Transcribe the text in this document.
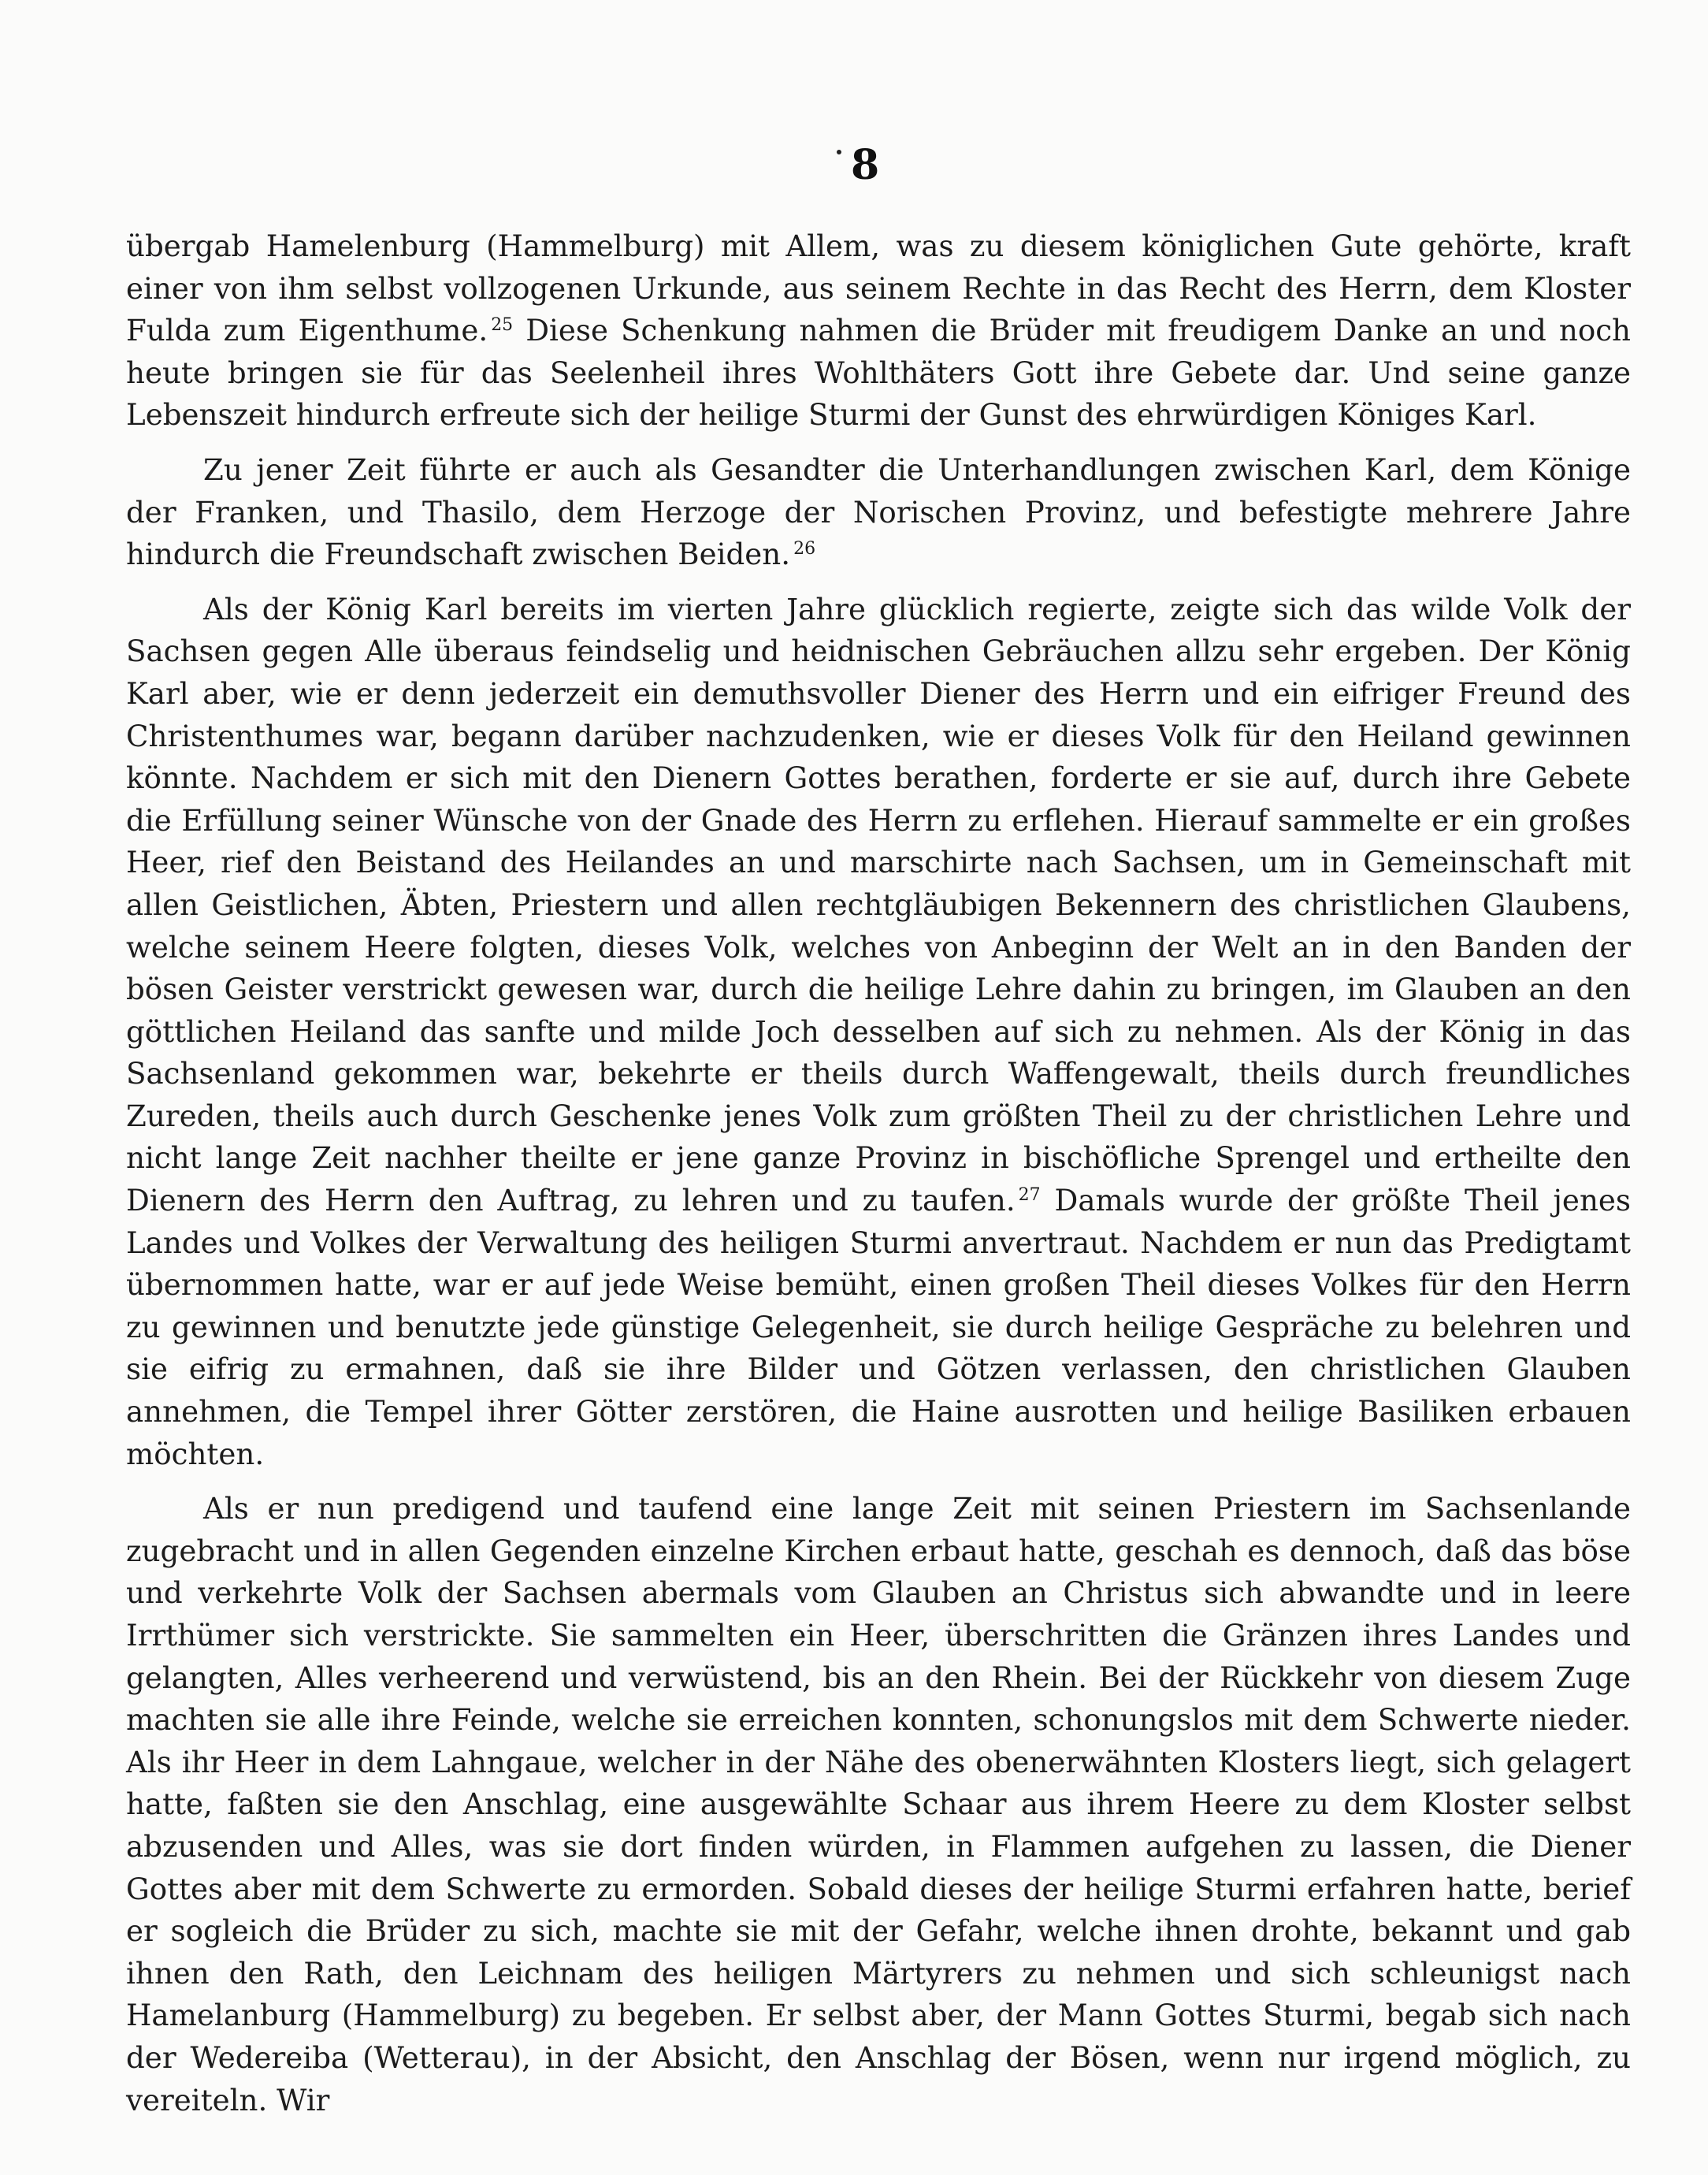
8

übergab Hamelenburg (Hammelburg) mit Allem, was zu diesem königlichen Gute gehörte, kraft einer von ihm selbst vollzogenen Urkunde, aus seinem Rechte in das Recht des Herrn, dem Kloster Fulda zum Eigenthume. $^{25}$ Diese Schenkung nahmen die Brüder mit freudigem Danke an und noch heute bringen sie für das Seelenheil ihres Wohlthäters Gott ihre Gebete dar. Und seine ganze Lebenszeit hindurch erfreute sich der heilige Sturmi der Gunst des ehrwürdigen Königes Karl.

Zu jener Zeit führte er auch als Gesandter die Unterhandlungen zwischen Karl, dem Könige der Franken, und Thasilo, dem Herzoge der Norischen Provinz, und befestigte mehrere Jahre hindurch die Freundschaft zwischen Beiden. $^{26}$

Als der König Karl bereits im vierten Jahre glücklich regierte, zeigte sich das wilde Volk der Sachsen gegen Alle überaus feindselig und heidnischen Gebräuchen allzu sehr ergeben. Der König Karl aber, wie er denn jederzeit ein demuthsvoller Diener des Herrn und ein eifriger Freund des Christenthumes war, begann darüber nachzudenken, wie er dieses Volk für den Heiland gewinnen könnte. Nachdem er sich mit den Dienern Gottes berathen, forderte er sie auf, durch ihre Gebete die Erfüllung seiner Wünsche von der Gnade des Herrn zu erflehen. Hierauf sammelte er ein großes Heer, rief den Beistand des Heilandes an und marschirte nach Sachsen, um in Gemeinschaft mit allen Geistlichen, Äbten, Priestern und allen rechtgläubigen Bekennern des christlichen Glaubens, welche seinem Heere folgten, dieses Volk, welches von Anbeginn der Welt an in den Banden der bösen Geister verstrickt gewesen war, durch die heilige Lehre dahin zu bringen, im Glauben an den göttlichen Heiland das sanfte und milde Joch desselben auf sich zu nehmen. Als der König in das Sachsenland gekommen war, bekehrte er theils durch Waffengewalt, theils durch freundliches Zureden, theils auch durch Geschenke jenes Volk zum größten Theil zu der christlichen Lehre und nicht lange Zeit nachher theilte er jene ganze Provinz in bischöfliche Sprengel und ertheilte den Dienern des Herrn den Auftrag, zu lehren und zu taufen. $^{27}$ Damals wurde der größte Theil jenes Landes und Volkes der Verwaltung des heiligen Sturmi anvertraut. Nachdem er nun das Predigtamt übernommen hatte, war er auf jede Weise bemüht, einen großen Theil dieses Volkes für den Herrn zu gewinnen und benutzte jede günstige Gelegenheit, sie durch heilige Gespräche zu belehren und sie eifrig zu ermahnen, daß sie ihre Bilder und Götzen verlassen, den christlichen Glauben annehmen, die Tempel ihrer Götter zerstören, die Haine ausrotten und heilige Basiliken erbauen möchten.

Als er nun predigend und taufend eine lange Zeit mit seinen Priestern im Sachsenlande zugebracht und in allen Gegenden einzelne Kirchen erbaut hatte, geschah es dennoch, daß das böse und verkehrte Volk der Sachsen abermals vom Glauben an Christus sich abwandte und in leere Irrthümer sich verstrickte. Sie sammelten ein Heer, überschritten die Gränzen ihres Landes und gelangten, Alles verheerend und verwüstend, bis an den Rhein. Bei der Rückkehr von diesem Zuge machten sie alle ihre Feinde, welche sie erreichen konnten, schonungslos mit dem Schwerte nieder. Als ihr Heer in dem Lahngaue, welcher in der Nähe des obenerwähnten Klosters liegt, sich gelagert hatte, faßten sie den Anschlag, eine ausgewählte Schaar aus ihrem Heere zu dem Kloster selbst abzusenden und Alles, was sie dort finden würden, in Flammen aufgehen zu lassen, die Diener Gottes aber mit dem Schwerte zu ermorden. Sobald dieses der heilige Sturmi erfahren hatte, berief er sogleich die Brüder zu sich, machte sie mit der Gefahr, welche ihnen drohte, bekannt und gab ihnen den Rath, den Leichnam des heiligen Märtyrers zu nehmen und sich schleunigst nach Hamelanburg (Hammelburg) zu begeben. Er selbst aber, der Mann Gottes Sturmi, begab sich nach der Wedereiba (Wetterau), in der Absicht, den Anschlag der Bösen, wenn nur irgend möglich, zu vereiteln. Wir
